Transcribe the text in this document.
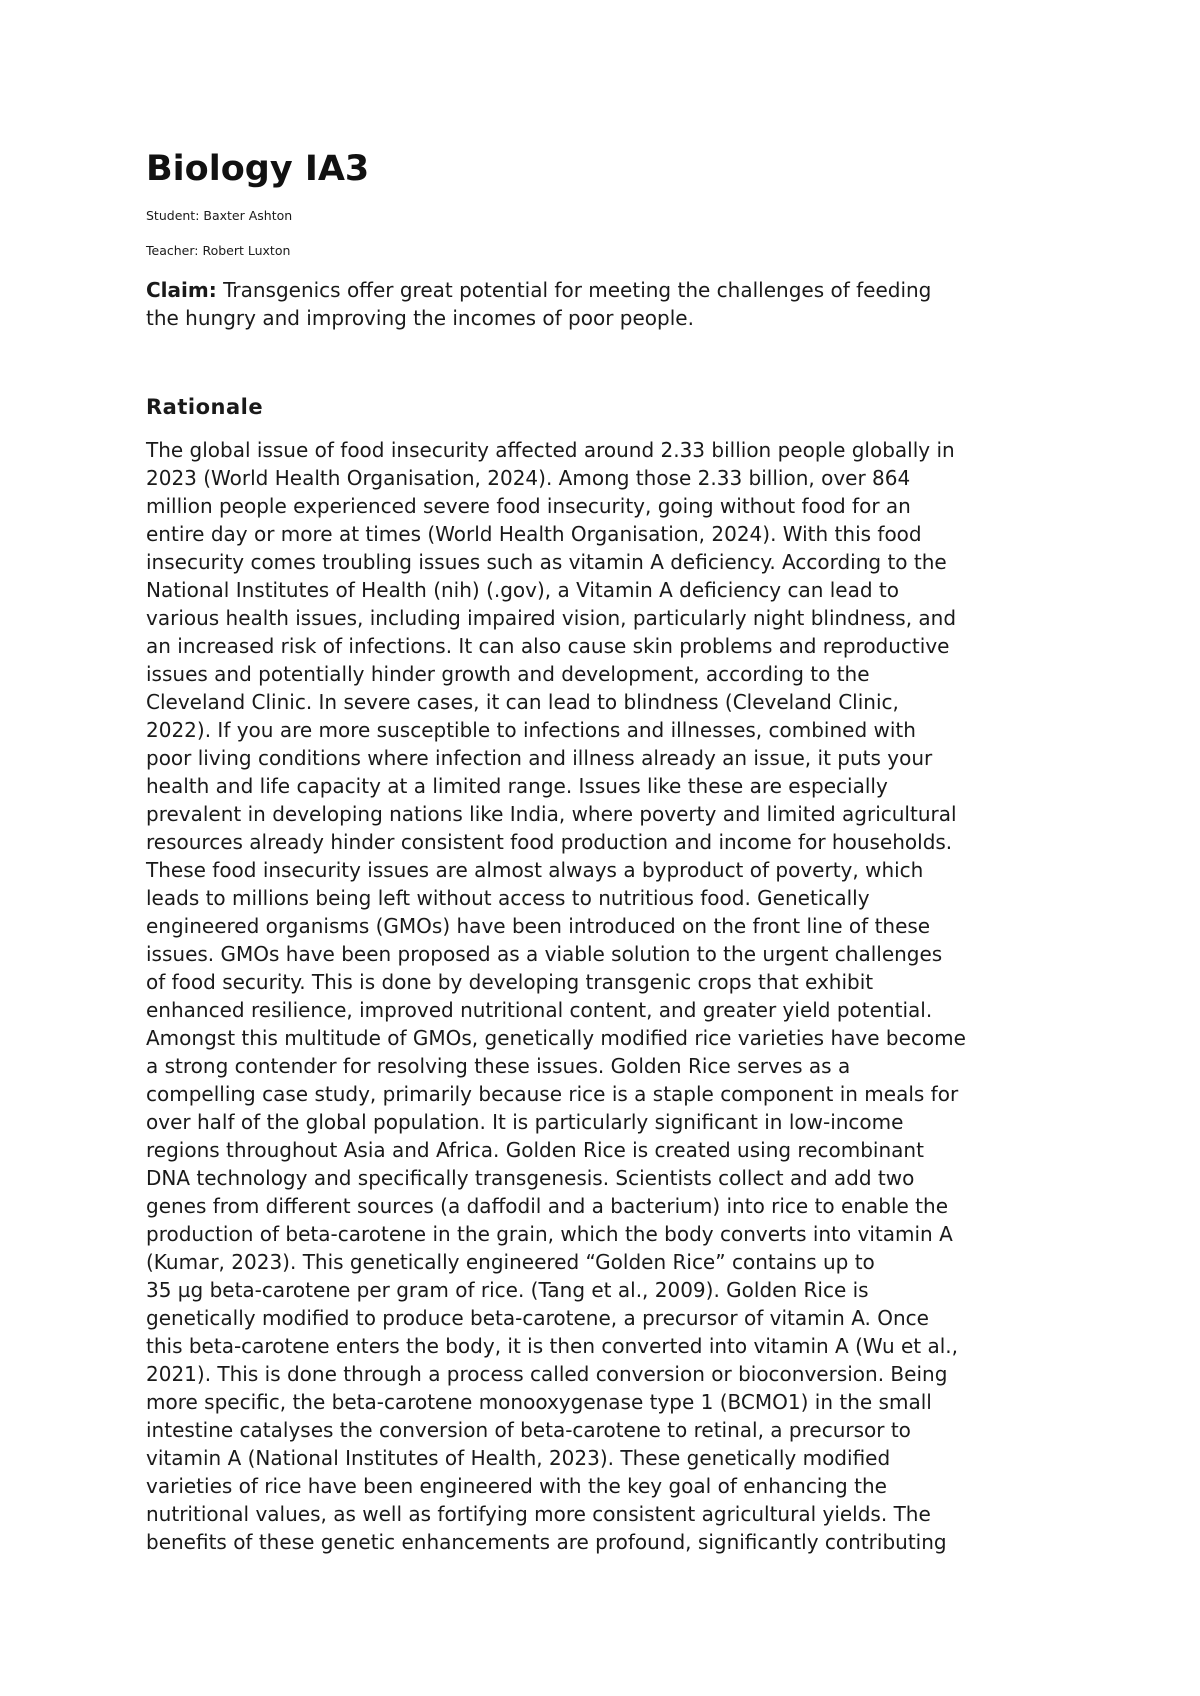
Biology IA3

Student: Baxter Ashton

Teacher: Robert Luxton

Claim: Transgenics offer great potential for meeting the challenges of feeding
the hungry and improving the incomes of poor people.

Rationale
The global issue of food insecurity affected around 2.33 billion people globally in
2023 (World Health Organisation, 2024). Among those 2.33 billion, over 864
million people experienced severe food insecurity, going without food for an
entire day or more at times (World Health Organisation, 2024). With this food
insecurity comes troubling issues such as vitamin A deficiency. According to the
National Institutes of Health (nih) (.gov), a Vitamin A deficiency can lead to
various health issues, including impaired vision, particularly night blindness, and
an increased risk of infections. It can also cause skin problems and reproductive
issues and potentially hinder growth and development, according to the
Cleveland Clinic. In severe cases, it can lead to blindness (Cleveland Clinic,
2022). If you are more susceptible to infections and illnesses, combined with
poor living conditions where infection and illness already an issue, it puts your
health and life capacity at a limited range. Issues like these are especially
prevalent in developing nations like India, where poverty and limited agricultural
resources already hinder consistent food production and income for households.
These food insecurity issues are almost always a byproduct of poverty, which
leads to millions being left without access to nutritious food. Genetically
engineered organisms (GMOs) have been introduced on the front line of these
issues. GMOs have been proposed as a viable solution to the urgent challenges
of food security. This is done by developing transgenic crops that exhibit
enhanced resilience, improved nutritional content, and greater yield potential.
Amongst this multitude of GMOs, genetically modified rice varieties have become
a strong contender for resolving these issues. Golden Rice serves as a
compelling case study, primarily because rice is a staple component in meals for
over half of the global population. It is particularly significant in low-income
regions throughout Asia and Africa. Golden Rice is created using recombinant
DNA technology and specifically transgenesis. Scientists collect and add two
genes from different sources (a daffodil and a bacterium) into rice to enable the
production of beta-carotene in the grain, which the body converts into vitamin A
(Kumar, 2023). This genetically engineered “Golden Rice” contains up to
35 µg beta-carotene per gram of rice. (Tang et al., 2009). Golden Rice is
genetically modified to produce beta-carotene, a precursor of vitamin A. Once
this beta-carotene enters the body, it is then converted into vitamin A (Wu et al.,
2021). This is done through a process called conversion or bioconversion. Being
more specific, the beta-carotene monooxygenase type 1 (BCMO1) in the small
intestine catalyses the conversion of beta-carotene to retinal, a precursor to
vitamin A (National Institutes of Health, 2023). These genetically modified
varieties of rice have been engineered with the key goal of enhancing the
nutritional values, as well as fortifying more consistent agricultural yields. The
benefits of these genetic enhancements are profound, significantly contributing
